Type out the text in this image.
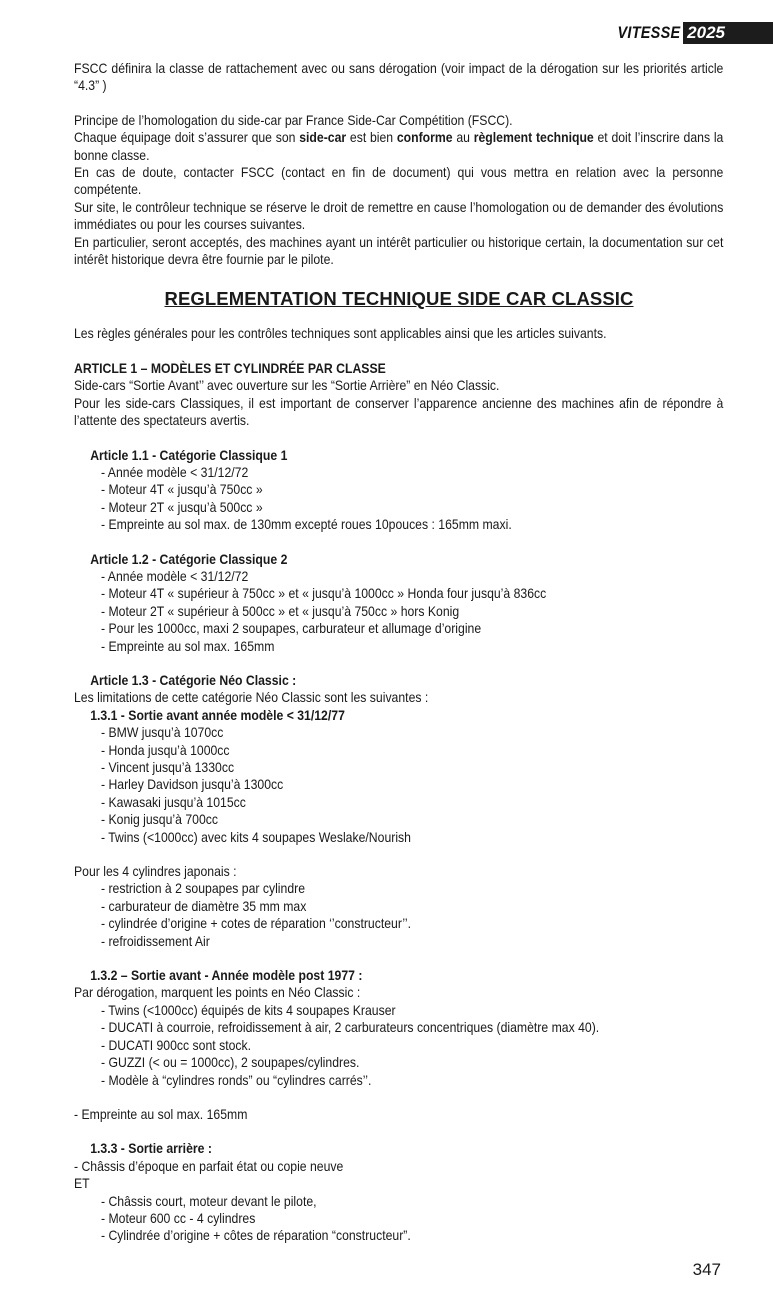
VITESSE 2025

FSCC définira la classe de rattachement avec ou sans dérogation (voir impact de la dérogation sur les priorités article “4.3” )

Principe de l’homologation du side-car par France Side-Car Compétition (FSCC).

Chaque équipage doit s’assurer que son side-car est bien conforme au règlement technique et doit l’inscrire dans la bonne classe.

En cas de doute, contacter FSCC (contact en fin de document) qui vous mettra en relation avec la personne compétente.

Sur site, le contrôleur technique se réserve le droit de remettre en cause l’homologation ou de demander des évolutions immédiates ou pour les courses suivantes.

En particulier, seront acceptés, des machines ayant un intérêt particulier ou historique certain, la documentation sur cet intérêt historique devra être fournie par le pilote.

REGLEMENTATION TECHNIQUE SIDE CAR CLASSIC

Les règles générales pour les contrôles techniques sont applicables ainsi que les articles suivants.

ARTICLE 1 – MODÈLES ET CYLINDRÉE PAR CLASSE

Side-cars “Sortie Avant’’ avec ouverture sur les “Sortie Arrière” en Néo Classic.

Pour les side-cars Classiques, il est important de conserver l’apparence ancienne des machines afin de répondre à l’attente des spectateurs avertis.

Article 1.1 - Catégorie Classique 1
- Année modèle < 31/12/72
- Moteur 4T « jusqu’à 750cc »
- Moteur 2T « jusqu’à 500cc »
- Empreinte au sol max. de 130mm excepté roues 10pouces : 165mm maxi.
Article 1.2 - Catégorie Classique 2
- Année modèle < 31/12/72
- Moteur 4T « supérieur à 750cc » et « jusqu’à 1000cc » Honda four jusqu’à 836cc
- Moteur 2T « supérieur à 500cc » et « jusqu’à 750cc » hors Konig
- Pour les 1000cc, maxi 2 soupapes, carburateur et allumage d’origine
- Empreinte au sol max. 165mm
Article 1.3 - Catégorie Néo Classic :
Les limitations de cette catégorie Néo Classic sont les suivantes :
1.3.1 - Sortie avant année modèle < 31/12/77
- BMW jusqu’à 1070cc
- Honda jusqu’à 1000cc
- Vincent jusqu’à 1330cc
- Harley Davidson jusqu’à 1300cc
- Kawasaki jusqu’à 1015cc
- Konig jusqu’à 700cc
- Twins (<1000cc) avec kits 4 soupapes Weslake/Nourish
Pour les 4 cylindres japonais :
- restriction à 2 soupapes par cylindre
- carburateur de diamètre 35 mm max
- cylindrée d’origine + cotes de réparation ‘’constructeur’’.
- refroidissement Air
1.3.2 – Sortie avant - Année modèle post 1977 :
Par dérogation, marquent les points en Néo Classic :
- Twins (<1000cc) équipés de kits 4 soupapes Krauser
- DUCATI à courroie, refroidissement à air, 2 carburateurs concentriques (diamètre max 40).
- DUCATI 900cc sont stock.
- GUZZI (< ou = 1000cc), 2 soupapes/cylindres.
- Modèle à “cylindres ronds” ou “cylindres carrés’’.
- Empreinte au sol max. 165mm
1.3.3 - Sortie arrière :
- Châssis d’époque en parfait état ou copie neuve
ET
- Châssis court, moteur devant le pilote,
- Moteur 600 cc - 4 cylindres
- Cylindrée d’origine + côtes de réparation “constructeur”.
347
